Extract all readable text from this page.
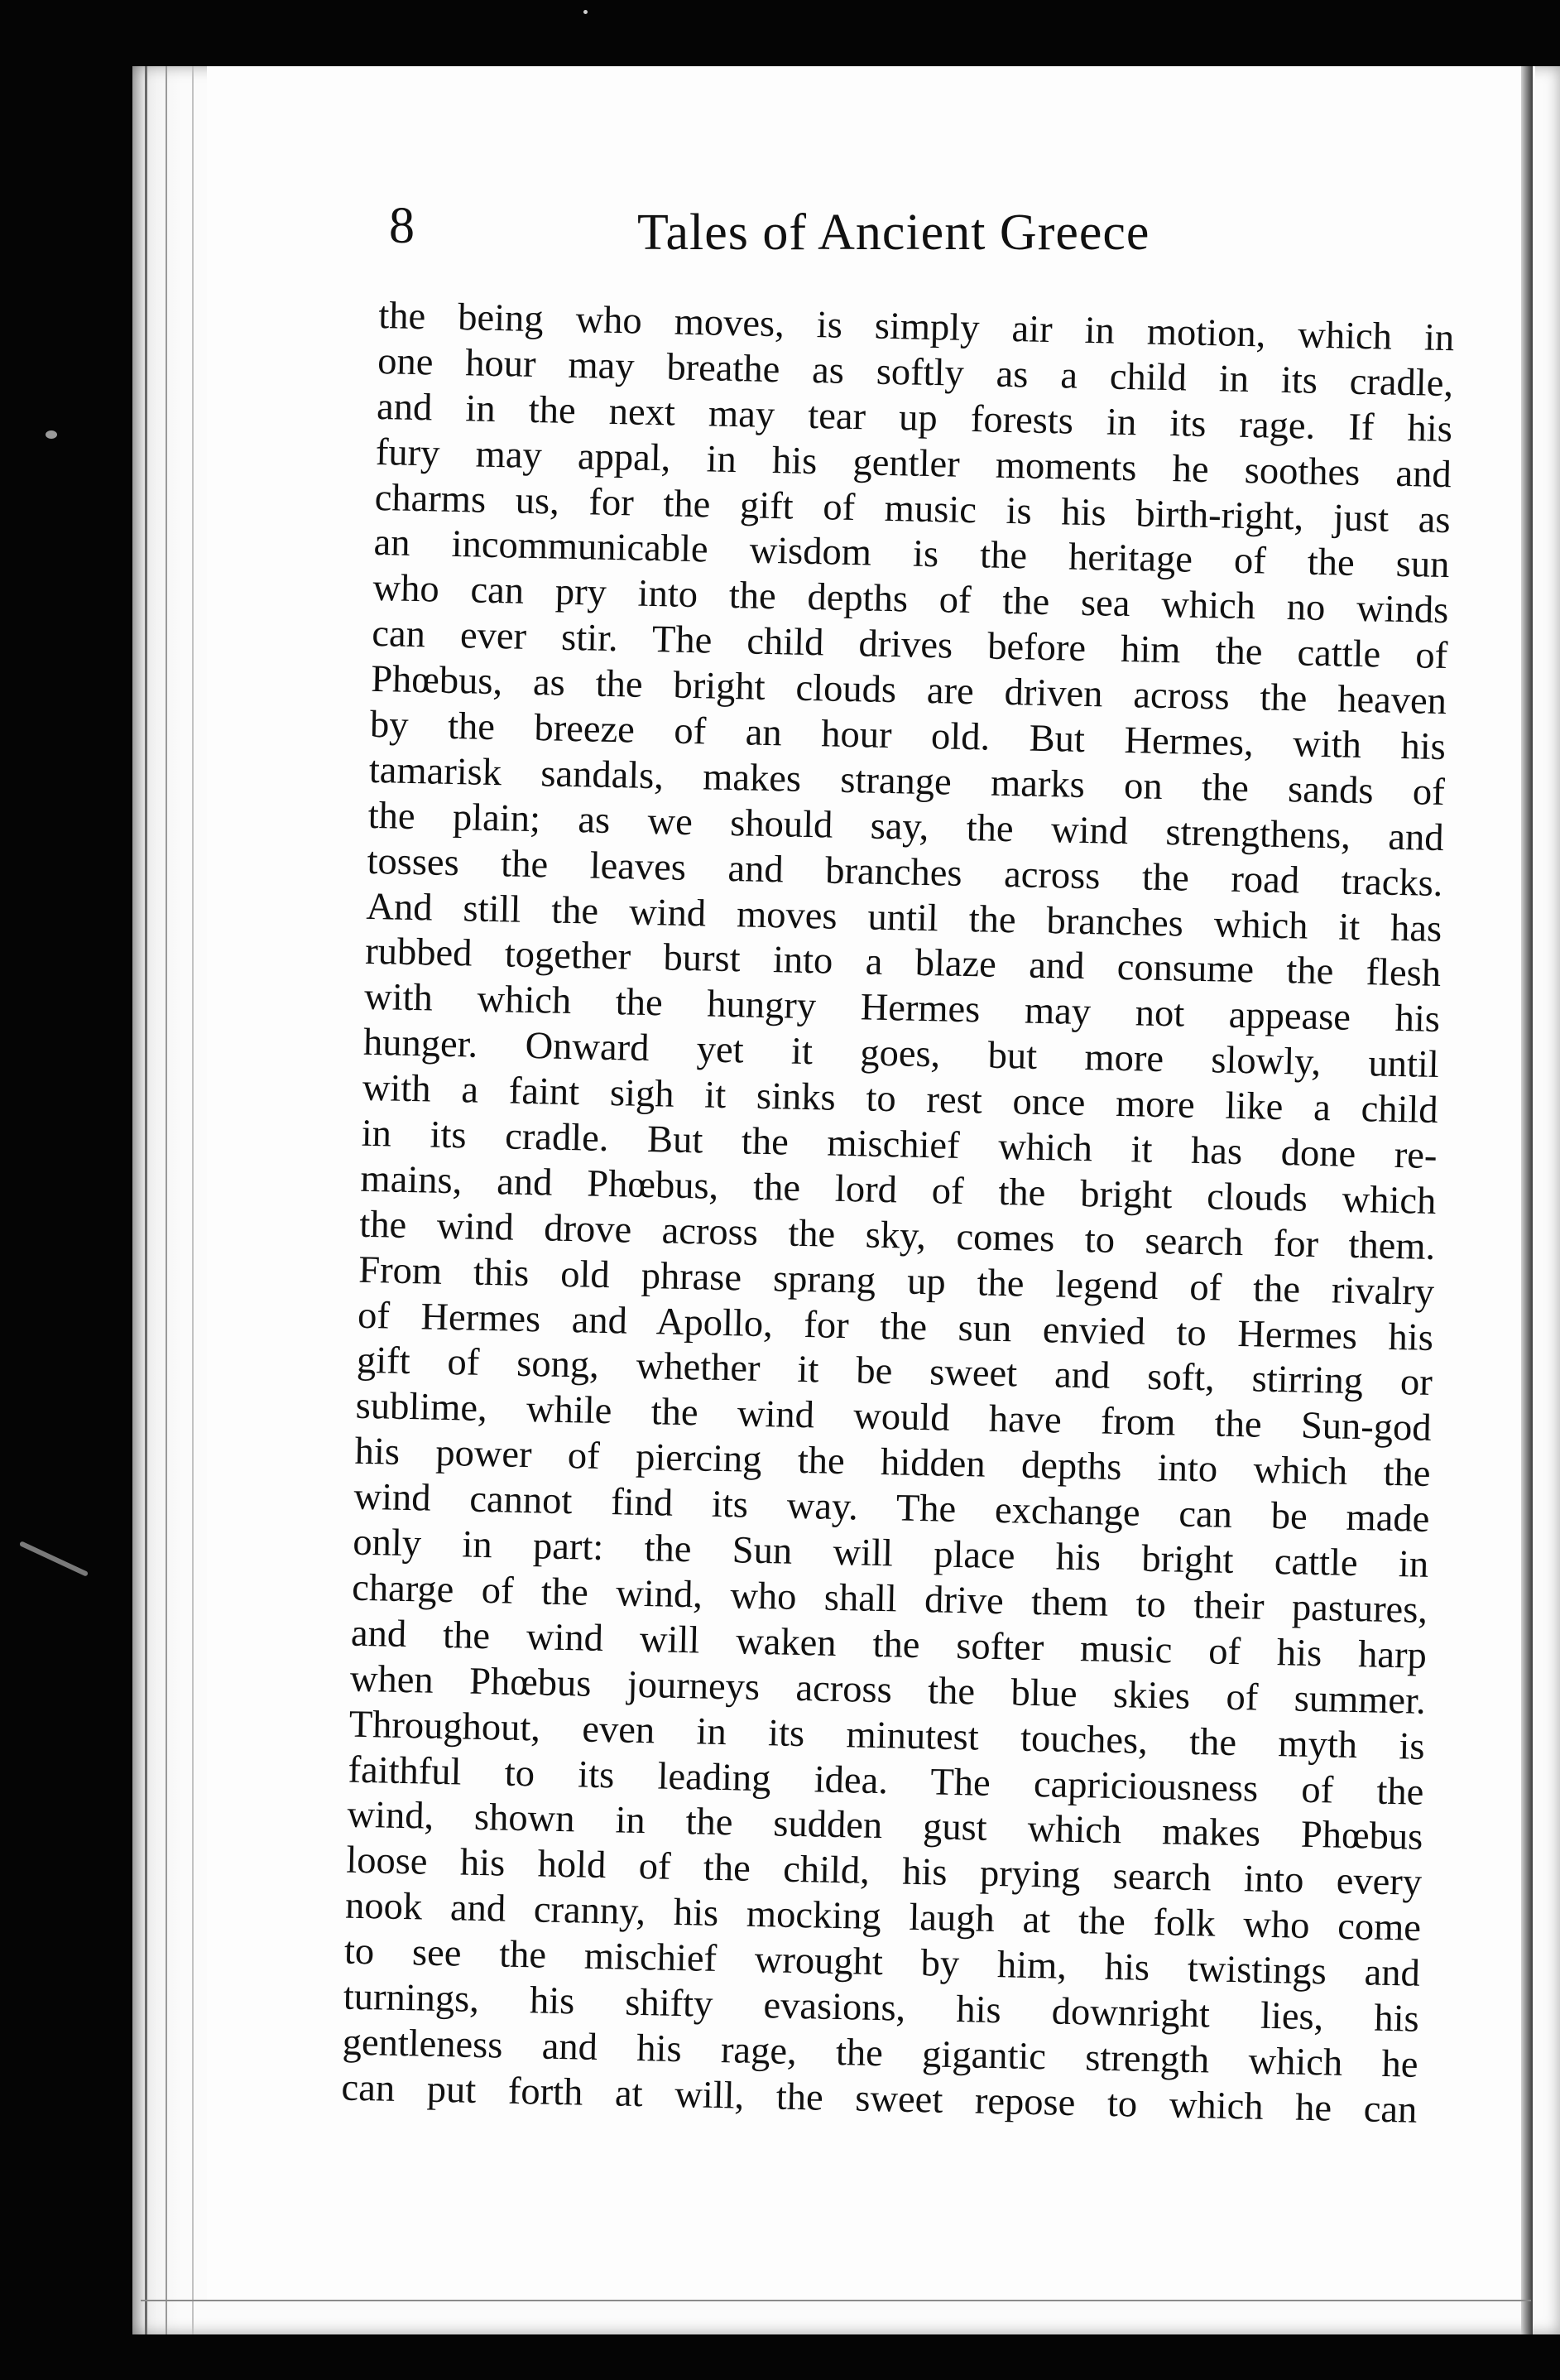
8	Tales of Ancient Greece
the being who moves, is simply air in motion, which in
one hour may breathe as softly as a child in its cradle,
and in the next may tear up forests in its rage. If his
fury may appal, in his gentler moments he soothes and
charms us, for the gift of music is his birth-right, just as
an incommunicable wisdom is the heritage of the sun
who can pry into the depths of the sea which no winds
can ever stir. The child drives before him the cattle of
Phœbus, as the bright clouds are driven across the heaven
by the breeze of an hour old. But Hermes, with his
tamarisk sandals, makes strange marks on the sands of
the plain; as we should say, the wind strengthens, and
tosses the leaves and branches across the road tracks.
And still the wind moves until the branches which it has
rubbed together burst into a blaze and consume the flesh
with which the hungry Hermes may not appease his
hunger. Onward yet it goes, but more slowly, until
with a faint sigh it sinks to rest once more like a child
in its cradle. But the mischief which it has done re-
mains, and Phœbus, the lord of the bright clouds which
the wind drove across the sky, comes to search for them.
From this old phrase sprang up the legend of the rivalry
of Hermes and Apollo, for the sun envied to Hermes his
gift of song, whether it be sweet and soft, stirring or
sublime, while the wind would have from the Sun-god
his power of piercing the hidden depths into which the
wind cannot find its way. The exchange can be made
only in part: the Sun will place his bright cattle in
charge of the wind, who shall drive them to their pastures,
and the wind will waken the softer music of his harp
when Phœbus journeys across the blue skies of summer.
Throughout, even in its minutest touches, the myth is
faithful to its leading idea. The capriciousness of the
wind, shown in the sudden gust which makes Phœbus
loose his hold of the child, his prying search into every
nook and cranny, his mocking laugh at the folk who come
to see the mischief wrought by him, his twistings and
turnings, his shifty evasions, his downright lies, his
gentleness and his rage, the gigantic strength which he
can put forth at will, the sweet repose to which he can
